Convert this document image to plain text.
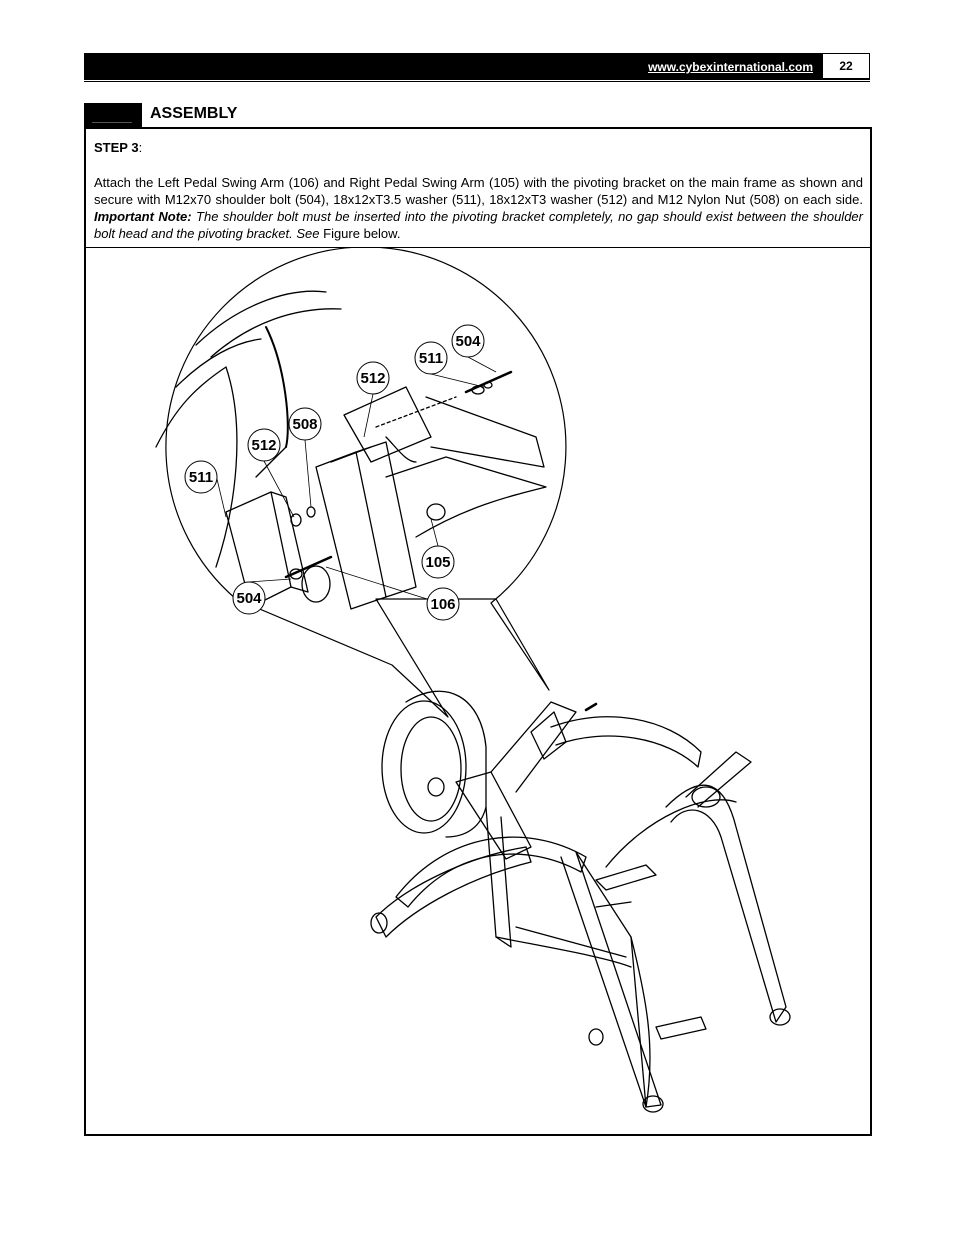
www.cybexinternational.com	22
ASSEMBLY
STEP 3:

Attach the Left Pedal Swing Arm (106) and Right Pedal Swing Arm (105) with the pivoting bracket on the main frame as shown and secure with M12x70 shoulder bolt (504), 18x12xT3.5 washer (511), 18x12xT3 washer (512) and M12 Nylon Nut (508) on each side. Important Note: The shoulder bolt must be inserted into the pivoting bracket completely, no gap should exist between the shoulder bolt head and the pivoting bracket. See Figure below.

504
511
512
508
512
511
105
106
504
